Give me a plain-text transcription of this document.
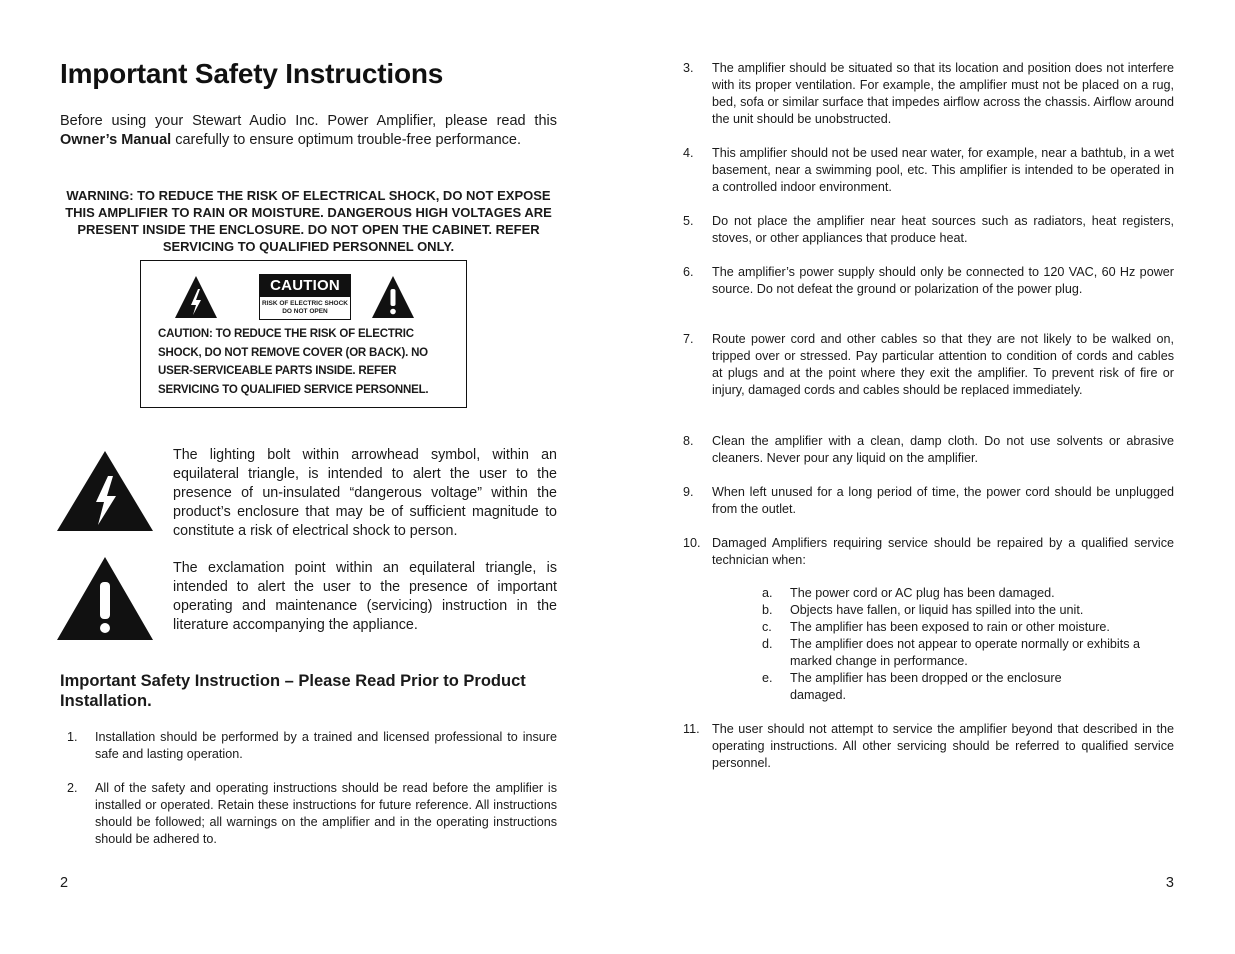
Important Safety Instructions

Before using your Stewart Audio Inc. Power Amplifier, please read this Owner’s Manual carefully to ensure optimum trouble-free performance.

WARNING: TO REDUCE THE RISK OF ELECTRICAL SHOCK, DO NOT EXPOSE THIS AMPLIFIER TO RAIN OR MOISTURE. DANGEROUS HIGH VOLTAGES ARE PRESENT INSIDE THE ENCLOSURE. DO NOT OPEN THE CABINET. REFER SERVICING TO QUALIFIED PERSONNEL ONLY.

CAUTION
RISK OF ELECTRIC SHOCK
DO NOT OPEN

CAUTION: TO REDUCE THE RISK OF ELECTRIC SHOCK, DO NOT REMOVE COVER (OR BACK). NO USER-SERVICEABLE PARTS INSIDE. REFER SERVICING TO QUALIFIED SERVICE PERSONNEL.

The lighting bolt within arrowhead symbol, within an equilateral triangle, is intended to alert the user to the presence of un-insulated “dangerous voltage” within the product’s enclosure that may be of sufficient magnitude to constitute a risk of electrical shock to person.

The exclamation point within an equilateral triangle, is intended to alert the user to the presence of important operating and maintenance (servicing) instruction in the literature accompanying the appliance.

Important Safety Instruction – Please Read Prior to Product Installation.
1. Installation should be performed by a trained and licensed professional to insure safe and lasting operation.

2. All of the safety and operating instructions should be read before the amplifier is installed or operated. Retain these instructions for future reference. All instructions should be followed; all warnings on the amplifier and in the operating instructions should be adhered to.

2
3. The amplifier should be situated so that its location and position does not interfere with its proper ventilation. For example, the amplifier must not be placed on a rug, bed, sofa or similar surface that impedes airflow across the chassis. Airflow around the unit should be unobstructed.

4. This amplifier should not be used near water, for example, near a bathtub, in a wet basement, near a swimming pool, etc. This amplifier is intended to be operated in a controlled indoor environment.

5. Do not place the amplifier near heat sources such as radiators, heat registers, stoves, or other appliances that produce heat.

6. The amplifier’s power supply should only be connected to 120 VAC, 60 Hz power source. Do not defeat the ground or polarization of the power plug.

7. Route power cord and other cables so that they are not likely to be walked on, tripped over or stressed. Pay particular attention to condition of cords and cables at plugs and at the point where they exit the amplifier. To prevent risk of fire or injury, damaged cords and cables should be replaced immediately.

8. Clean the amplifier with a clean, damp cloth. Do not use solvents or abrasive cleaners. Never pour any liquid on the amplifier.

9. When left unused for a long period of time, the power cord should be unplugged from the outlet.

10. Damaged Amplifiers requiring service should be repaired by a qualified service technician when:

a. The power cord or AC plug has been damaged.

b. Objects have fallen, or liquid has spilled into the unit.

c. The amplifier has been exposed to rain or other moisture.

d. The amplifier does not appear to operate normally or exhibits a marked change in performance.

e. The amplifier has been dropped or the enclosure damaged.

11. The user should not attempt to service the amplifier beyond that described in the operating instructions. All other servicing should be referred to qualified service personnel.

3
